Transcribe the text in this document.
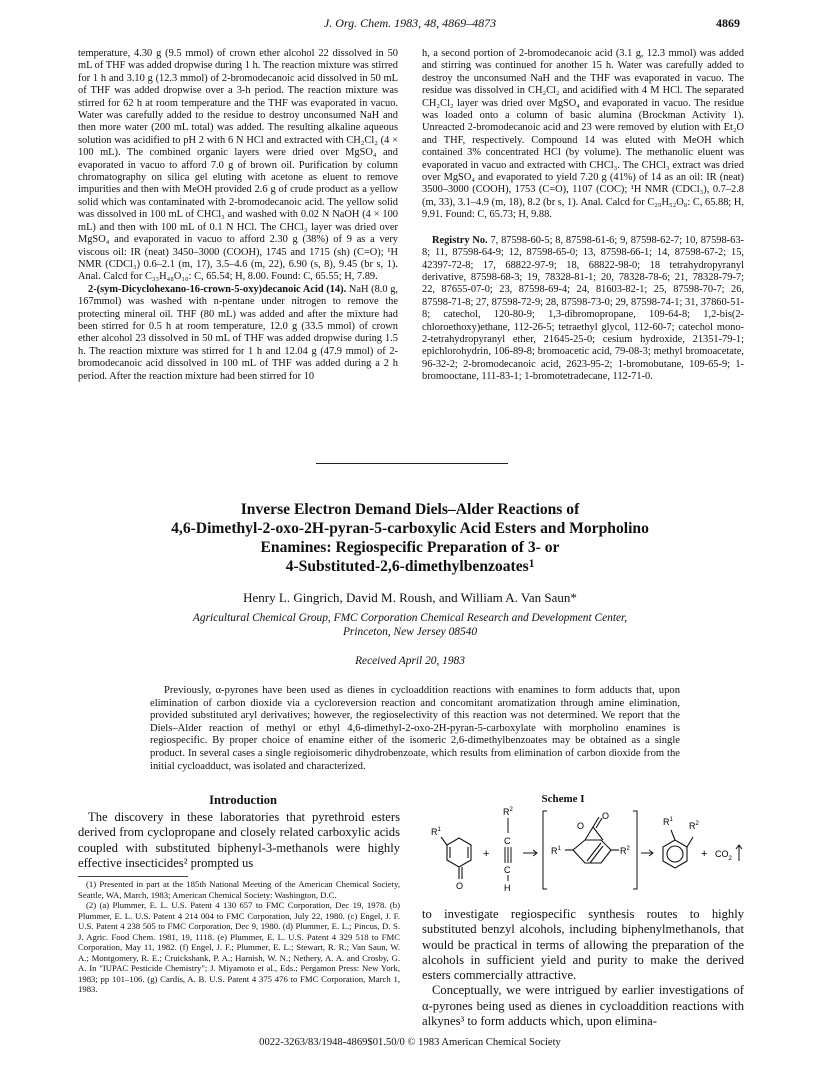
J. Org. Chem. 1983, 48, 4869–4873	4869

temperature, 4.30 g (9.5 mmol) of crown ether alcohol 22 dissolved in 50 mL of THF was added dropwise during 1 h. The reaction mixture was stirred for 1 h and 3.10 g (12.3 mmol) of 2-bromodecanoic acid dissolved in 50 mL of THF was added dropwise over a 3-h period. The reaction mixture was stirred for 62 h at room temperature and the THF was evaporated in vacuo. Water was carefully added to the residue to destroy unconsumed NaH and then more water (200 mL total) was added. The resulting alkaline aqueous solution was acidified to pH 2 with 6 N HCl and extracted with CH₂Cl₂ (4 × 100 mL). The combined organic layers were dried over MgSO₄ and evaporated in vacuo to afford 7.0 g of brown oil. Purification by column chromatography on silica gel eluting with acetone as eluent to remove impurities and then with MeOH provided 2.6 g of crude product as a yellow solid which was contaminated with 2-bromodecanoic acid. The yellow solid was dissolved in 100 mL of CHCl₃ and washed with 0.02 N NaOH (4 × 100 mL) and then with 100 mL of 0.1 N HCl. The CHCl₃ layer was dried over MgSO₄ and evaporated in vacuo to afford 2.30 g (38%) of 9 as a very viscous oil: IR (neat) 3450–3000 (COOH), 1745 and 1715 (sh) (C=O); ¹H NMR (CDCl₃) 0.6–2.1 (m, 17), 3.5–4.6 (m, 22), 6.90 (s, 8), 9.45 (br s, 1). Anal. Calcd for C₃₃H₄₈O₁₀: C, 65.54; H, 8.00. Found: C, 65.55; H, 7.89.

2-(sym-Dicyclohexano-16-crown-5-oxy)decanoic Acid (14). NaH (8.0 g, 167mmol) was washed with n-pentane under nitrogen to remove the protecting mineral oil. THF (80 mL) was added and after the mixture had been stirred for 0.5 h at room temperature, 12.0 g (33.5 mmol) of crown ether alcohol 23 dissolved in 50 mL of THF was added dropwise during 1.5 h. The reaction mixture was stirred for 1 h and 12.04 g (47.9 mmol) of 2-bromodecanoic acid dissolved in 100 mL of THF was added during a 2 h period. After the reaction mixture had been stirred for 10

h, a second portion of 2-bromodecanoic acid (3.1 g, 12.3 mmol) was added and stirring was continued for another 15 h. Water was carefully added to destroy the unconsumed NaH and the THF was evaporated in vacuo. The residue was dissolved in CH₂Cl₂ and acidified with 4 M HCl. The separated CH₂Cl₂ layer was dried over MgSO₄ and evaporated in vacuo. The residue was loaded onto a column of basic alumina (Brockman Activity 1). Unreacted 2-bromodecanoic acid and 23 were removed by elution with Et₂O and THF, respectively. Compound 14 was eluted with MeOH which contained 3% concentrated HCl (by volume). The methanolic eluent was evaporated in vacuo and extracted with CHCl₃. The CHCl₃ extract was dried over MgSO₄ and evaporated to yield 7.20 g (41%) of 14 as an oil: IR (neat) 3500–3000 (COOH), 1753 (C=O), 1107 (COC); ¹H NMR (CDCl₃), 0.7–2.8 (m, 33), 3.1–4.9 (m, 18), 8.2 (br s, 1). Anal. Calcd for C₂₉H₅₂O₈: C, 65.88; H, 9.91. Found: C, 65.73; H, 9.88.

Registry No. 7, 87598-60-5; 8, 87598-61-6; 9, 87598-62-7; 10, 87598-63-8; 11, 87598-64-9; 12, 87598-65-0; 13, 87598-66-1; 14, 87598-67-2; 15, 42397-72-8; 17, 68822-97-9; 18, 68822-98-0; 18 tetrahydropyranyl derivative, 87598-68-3; 19, 78328-81-1; 20, 78328-78-6; 21, 78328-79-7; 22, 87655-07-0; 23, 87598-69-4; 24, 81603-82-1; 25, 87598-70-7; 26, 87598-71-8; 27, 87598-72-9; 28, 87598-73-0; 29, 87598-74-1; 31, 37860-51-8; catechol, 120-80-9; 1,3-dibromopropane, 109-64-8; 1,2-bis(2-chloroethoxy)ethane, 112-26-5; tetraethyl glycol, 112-60-7; catechol mono-2-tetrahydropyranyl ether, 21645-25-0; cesium hydroxide, 21351-79-1; epichlorohydrin, 106-89-8; bromoacetic acid, 79-08-3; methyl bromoacetate, 96-32-2; 2-bromodecanoic acid, 2623-95-2; 1-bromobutane, 109-65-9; 1-bromooctane, 111-83-1; 1-bromotetradecane, 112-71-0.

Inverse Electron Demand Diels–Alder Reactions of
4,6-Dimethyl-2-oxo-2H-pyran-5-carboxylic Acid Esters and Morpholino
Enamines: Regiospecific Preparation of 3- or
4-Substituted-2,6-dimethylbenzoates$^1$
Henry L. Gingrich, David M. Roush, and William A. Van Saun*
Agricultural Chemical Group, FMC Corporation Chemical Research and Development Center,
Princeton, New Jersey 08540
Received April 20, 1983
Previously, α-pyrones have been used as dienes in cycloaddition reactions with enamines to form adducts that, upon elimination of carbon dioxide via a cycloreversion reaction and concomitant aromatization through amine elimination, provided substituted aryl derivatives; however, the regioselectivity of this reaction was not determined. We report that the Diels–Alder reaction of methyl or ethyl 4,6-dimethyl-2-oxo-2H-pyran-5-carboxylate with morpholino enamines is regiospecific. By proper choice of enamine either of the isomeric 2,6-dimethylbenzoates may be obtained as a single product. In several cases a single regioisomeric dihydrobenzoate, which results from elimination of carbon dioxide from the initial cycloadduct, was isolated and characterized.
Introduction
The discovery in these laboratories that pyrethroid esters derived from cyclopropane and closely related carboxylic acids coupled with substituted biphenyl-3-methanols were highly effective insecticides² prompted us

(1) Presented in part at the 185th National Meeting of the American Chemical Society, Seattle, WA, March, 1983; American Chemical Society: Washington, D.C.

(2) (a) Plummer, E. L. U.S. Patent 4 130 657 to FMC Corporation, Dec 19, 1978. (b) Plummer, E. L. U.S. Patent 4 214 004 to FMC Corporation, July 22, 1980. (c) Engel, J. F. U.S. Patent 4 238 505 to FMC Corporation, Dec 9, 1980. (d) Plummer, E. L.; Pincus, D. S. J. Agric. Food Chem. 1981, 19, 1118. (e) Plummer, E. L. U.S. Patent 4 329 518 to FMC Corporation, May 11, 1982. (f) Engel, J. F.; Plummer, E. L.; Stewart, R. R.; Van Saun, W. A.; Montgomery, R. E.; Cruickshank, P. A.; Harnish, W. N.; Nethery, A. A. and Crosby, G. A. In "IUPAC Pesticide Chemistry"; J. Miyamoto et al., Eds.; Pergamon Press: New York, 1983; pp 101–106. (g) Cardis, A. B. U.S. Patent 4 375 476 to FMC Corporation, March 1, 1983.

Scheme I
$R^1$
O
+
$R^2$
C
C
H
O
O
$R^1$	$R^2$
$R^1$
$R^2$
+ $CO_2$

to investigate regiospecific synthesis routes to highly substituted benzyl alcohols, including biphenylmethanols, that would be practical in terms of allowing the preparation of the alcohols in sufficient yield and purity to make the derived esters commercially attractive.

Conceptually, we were intrigued by earlier investigations of α-pyrones being used as dienes in cycloaddition reactions with alkynes³ to form adducts which, upon elimina-

0022-3263/83/1948-4869$01.50/0 © 1983 American Chemical Society
